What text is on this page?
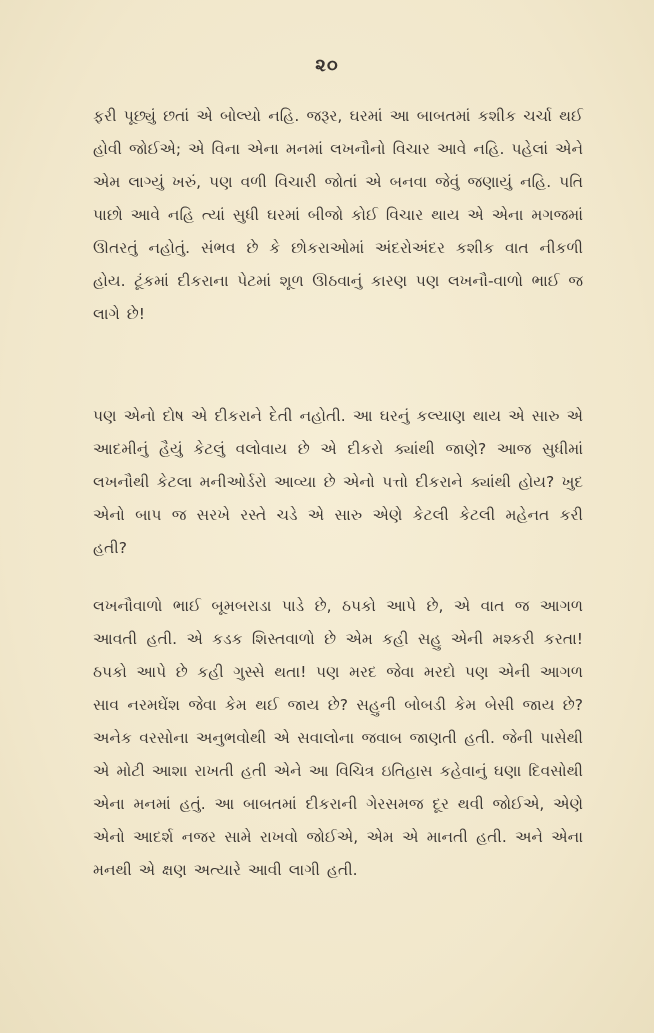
૨૦

ફરી પૂછ્યું છતાં એ બોલ્યો નહિ. જરૂર, ઘરમાં આ બાબતમાં કશીક ચર્ચા થઈ હોવી જોઈએ; એ વિના એના મનમાં લખનૌનો વિચાર આવે નહિ. પહેલાં એને એમ લાગ્યું ખરું, પણ વળી વિચારી જોતાં એ બનવા જેવું જણાયું નહિ. પતિ પાછો આવે નહિ ત્યાં સુધી ઘરમાં બીજો કોઈ વિચાર થાય એ એના મગજમાં ઊતરતું નહોતું. સંભવ છે કે છોકરાઓમાં અંદરોઅંદર કશીક વાત નીકળી હોય. ટૂંકમાં દીકરાના પેટમાં શૂળ ઊઠવાનું કારણ પણ લખનૌ-વાળો ભાઈ જ લાગે છે!

પણ એનો દોષ એ દીકરાને દેતી નહોતી. આ ઘરનું કલ્યાણ થાય એ સારુ એ આદમીનું હૈયું કેટલું વલોવાય છે એ દીકરો ક્યાંથી જાણે? આજ સુધીમાં લખનૌથી કેટલા મનીઓર્ડરો આવ્યા છે એનો પત્તો દીકરાને ક્યાંથી હોય? ખુદ એનો બાપ જ સરખે રસ્તે ચડે એ સારુ એણે કેટલી કેટલી મહેનત કરી હતી?

લખનૌવાળો ભાઈ બૂમબરાડા પાડે છે, ઠપકો આપે છે, એ વાત જ આગળ આવતી હતી. એ કડક શિસ્તવાળો છે એમ કહી સહુ એની મશ્કરી કરતા! ઠપકો આપે છે કહી ગુસ્સે થતા! પણ મરદ જેવા મરદો પણ એની આગળ સાવ નરમઘેંશ જેવા કેમ થઈ જાય છે? સહુની બોબડી કેમ બેસી જાય છે? અનેક વરસોના અનુભવોથી એ સવાલોના જવાબ જાણતી હતી. જેની પાસેથી એ મોટી આશા રાખતી હતી એને આ વિચિત્ર ઇતિહાસ કહેવાનું ઘણા દિવસોથી એના મનમાં હતું. આ બાબતમાં દીકરાની ગેરસમજ દૂર થવી જોઈએ, એણે એનો આદર્શ નજર સામે રાખવો જોઈએ, એમ એ માનતી હતી. અને એના મનથી એ ક્ષણ અત્યારે આવી લાગી હતી.
